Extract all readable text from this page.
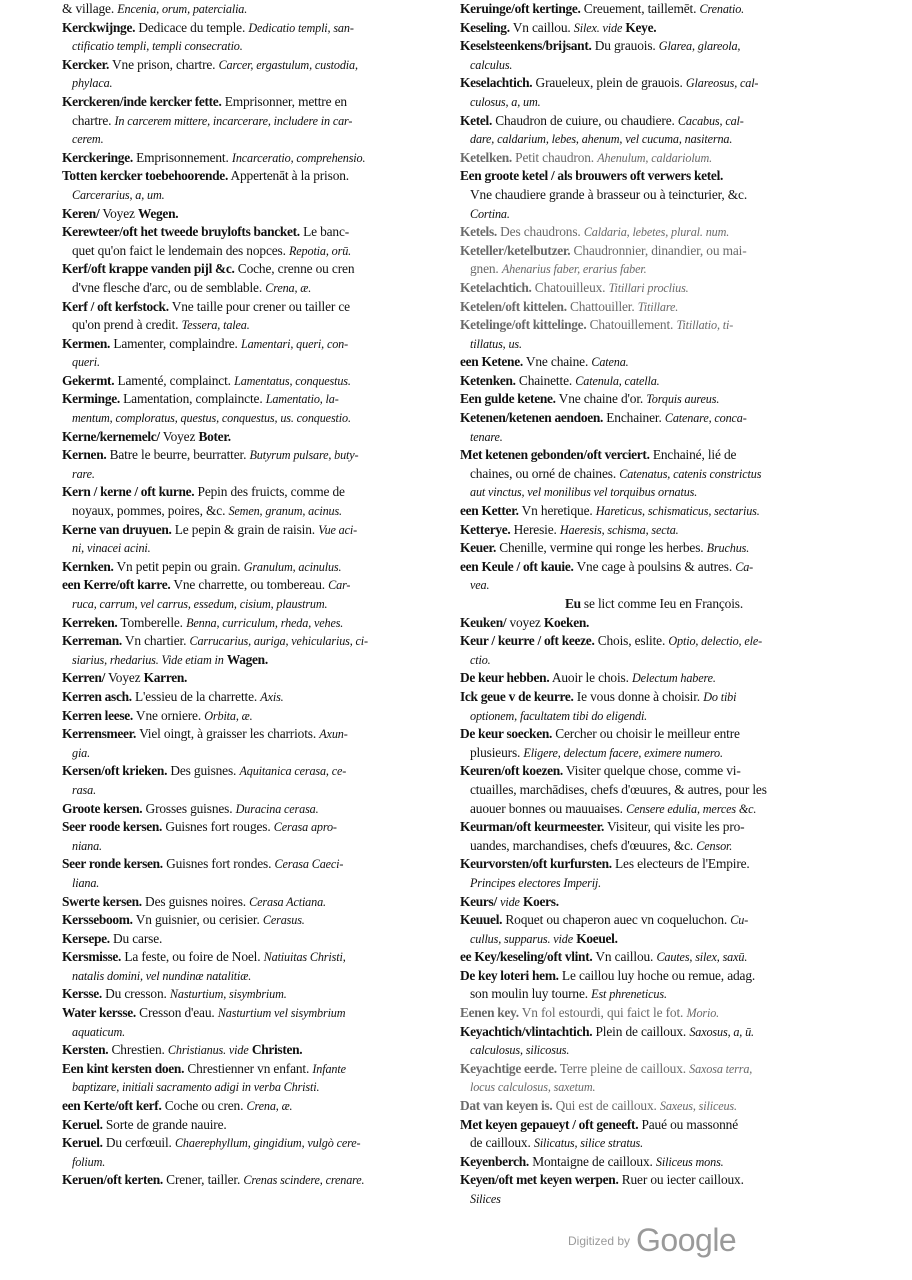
& village. Encenia, orum, patercialia.
Kerckwijnge. Dedicace du temple. Dedicatio templi, san-
ctificatio templi, templi consecratio.
Kercker. Vne prison, chartre. Carcer, ergastulum, custodia,
phylaca.
Kerckeren/inde kercker fette. Emprisonner, mettre en
chartre. In carcerem mittere, incarcerare, includere in car-
cerem.
Kerckeringe. Emprisonnement. Incarceratio, comprehensio.
Totten kercker toebehoorende. Appertenāt à la prison.
Carcerarius, a, um.
Keren/ Voyez Wegen.
Kerewteer/oft het tweede bruylofts bancket. Le banc-
quet qu'on faict le lendemain des nopces. Repotia, orū.
Kerf/oft krappe vanden pijl &c. Coche, crenne ou cren
d'vne flesche d'arc, ou de semblable. Crena, æ.
Kerf / oft kerfstock. Vne taille pour crener ou tailler ce
qu'on prend à credit. Tessera, talea.
Kermen. Lamenter, complaindre. Lamentari, queri, con-
queri.
Gekermt. Lamenté, complainct. Lamentatus, conquestus.
Kerminge. Lamentation, complaincte. Lamentatio, la-
mentum, comploratus, questus, conquestus, us. conquestio.
Kerne/kernemelc/ Voyez Boter.
Kernen. Batre le beurre, beurratter. Butyrum pulsare, buty-
rare.
Kern / kerne / oft kurne. Pepin des fruicts, comme de
noyaux, pommes, poires, &c. Semen, granum, acinus.
Kerne van druyuen. Le pepin & grain de raisin. Vue aci-
ni, vinacei acini.
Kernken. Vn petit pepin ou grain. Granulum, acinulus.
een Kerre/oft karre. Vne charrette, ou tombereau. Car-
ruca, carrum, vel carrus, essedum, cisium, plaustrum.
Kerreken. Tomberelle. Benna, curriculum, rheda, vehes.
Kerreman. Vn chartier. Carrucarius, auriga, vehicularius, ci-
siarius, rhedarius. Vide etiam in Wagen.
Kerren/ Voyez Karren.
Kerren asch. L'essieu de la charrette. Axis.
Kerren leese. Vne orniere. Orbita, æ.
Kerrensmeer. Viel oingt, à graisser les charriots. Axun-
gia.
Kersen/oft krieken. Des guisnes. Aquitanica cerasa, ce-
rasa.
Groote kersen. Grosses guisnes. Duracina cerasa.
Seer roode kersen. Guisnes fort rouges. Cerasa apro-
niana.
Seer ronde kersen. Guisnes fort rondes. Cerasa Caeci-
liana.
Swerte kersen. Des guisnes noires. Cerasa Actiana.
Kersseboom. Vn guisnier, ou cerisier. Cerasus.
Kersepe. Du carse.
Kersmisse. La feste, ou foire de Noel. Natiuitas Christi,
natalis domini, vel nundinæ natalitiæ.
Kersse. Du cresson. Nasturtium, sisymbrium.
Water kersse. Cresson d'eau. Nasturtium vel sisymbrium
aquaticum.
Kersten. Chrestien. Christianus. vide Christen.
Een kint kersten doen. Chrestienner vn enfant. Infante
baptizare, initiali sacramento adigi in verba Christi.
een Kerte/oft kerf. Coche ou cren. Crena, æ.
Keruel. Sorte de grande nauire.
Keruel. Du cerfœuil. Chaerephyllum, gingidium, vulgò cere-
folium.
Keruen/oft kerten. Crener, tailler. Crenas scindere, crenare.
Keruinge/oft kertinge. Creuement, taillemēt. Crenatio.
Keseling. Vn caillou. Silex. vide Keye.
Keselsteenkens/brijsant. Du grauois. Glarea, glareola,
calculus.
Keselachtich. Graueleux, plein de grauois. Glareosus, cal-
culosus, a, um.
Ketel. Chaudron de cuiure, ou chaudiere. Cacabus, cal-
dare, caldarium, lebes, ahenum, vel cucuma, nasiterna.
Ketelken. Petit chaudron. Ahenulum, caldariolum.
Een groote ketel / als brouwers oft verwers ketel.
Vne chaudiere grande à brasseur ou à teincturier, &c.
Cortina.
Ketels. Des chaudrons. Caldaria, lebetes, plural. num.
Keteller/ketelbutzer. Chaudronnier, dinandier, ou mai-
gnen. Ahenarius faber, erarius faber.
Ketelachtich. Chatouilleux. Titillari proclius.
Ketelen/oft kittelen. Chattouiller. Titillare.
Ketelinge/oft kittelinge. Chatouillement. Titillatio, ti-
tillatus, us.
een Ketene. Vne chaine. Catena.
Ketenken. Chainette. Catenula, catella.
Een gulde ketene. Vne chaine d'or. Torquis aureus.
Ketenen/ketenen aendoen. Enchainer. Catenare, conca-
tenare.
Met ketenen gebonden/oft verciert. Enchainé, lié de
chaines, ou orné de chaines. Catenatus, catenis constrictus
aut vinctus, vel monilibus vel torquibus ornatus.
een Ketter. Vn heretique. Hareticus, schismaticus, sectarius.
Ketterye. Heresie. Haeresis, schisma, secta.
Keuer. Chenille, vermine qui ronge les herbes. Bruchus.
een Keule / oft kauie. Vne cage à poulsins & autres. Ca-
vea.
Eu se lict comme Ieu en François.
Keuken/ voyez Koeken.
Keur / keurre / oft keeze. Chois, eslite. Optio, delectio, ele-
ctio.
De keur hebben. Auoir le chois. Delectum habere.
Ick geue v de keurre. Ie vous donne à choisir. Do tibi
optionem, facultatem tibi do eligendi.
De keur soecken. Cercher ou choisir le meilleur entre
plusieurs. Eligere, delectum facere, eximere numero.
Keuren/oft koezen. Visiter quelque chose, comme vi-
ctuailles, marchādises, chefs d'œuures, & autres, pour les
auouer bonnes ou mauuaises. Censere edulia, merces &c.
Keurman/oft keurmeester. Visiteur, qui visite les pro-
uandes, marchandises, chefs d'œuures, &c. Censor.
Keurvorsten/oft kurfursten. Les electeurs de l'Empire.
Principes electores Imperij.
Keurs/ vide Koers.
Keuuel. Roquet ou chaperon auec vn coqueluchon. Cu-
cullus, supparus. vide Koeuel.
ee Key/keseling/oft vlint. Vn caillou. Cautes, silex, saxū.
De key loteri hem. Le caillou luy hoche ou remue, adag.
son moulin luy tourne. Est phreneticus.
Eenen key. Vn fol estourdi, qui faict le fot. Morio.
Keyachtich/vlintachtich. Plein de cailloux. Saxosus, a, ū.
calculosus, silicosus.
Keyachtige eerde. Terre pleine de cailloux. Saxosa terra,
locus calculosus, saxetum.
Dat van keyen is. Qui est de cailloux. Saxeus, siliceus.
Met keyen gepaueyt / oft geneeft. Paué ou massonné
de cailloux. Silicatus, silice stratus.
Keyenberch. Montaigne de cailloux. Siliceus mons.
Keyen/oft met keyen werpen. Ruer ou iecter cailloux.
Silices
$^{Digitized by}$ Google
